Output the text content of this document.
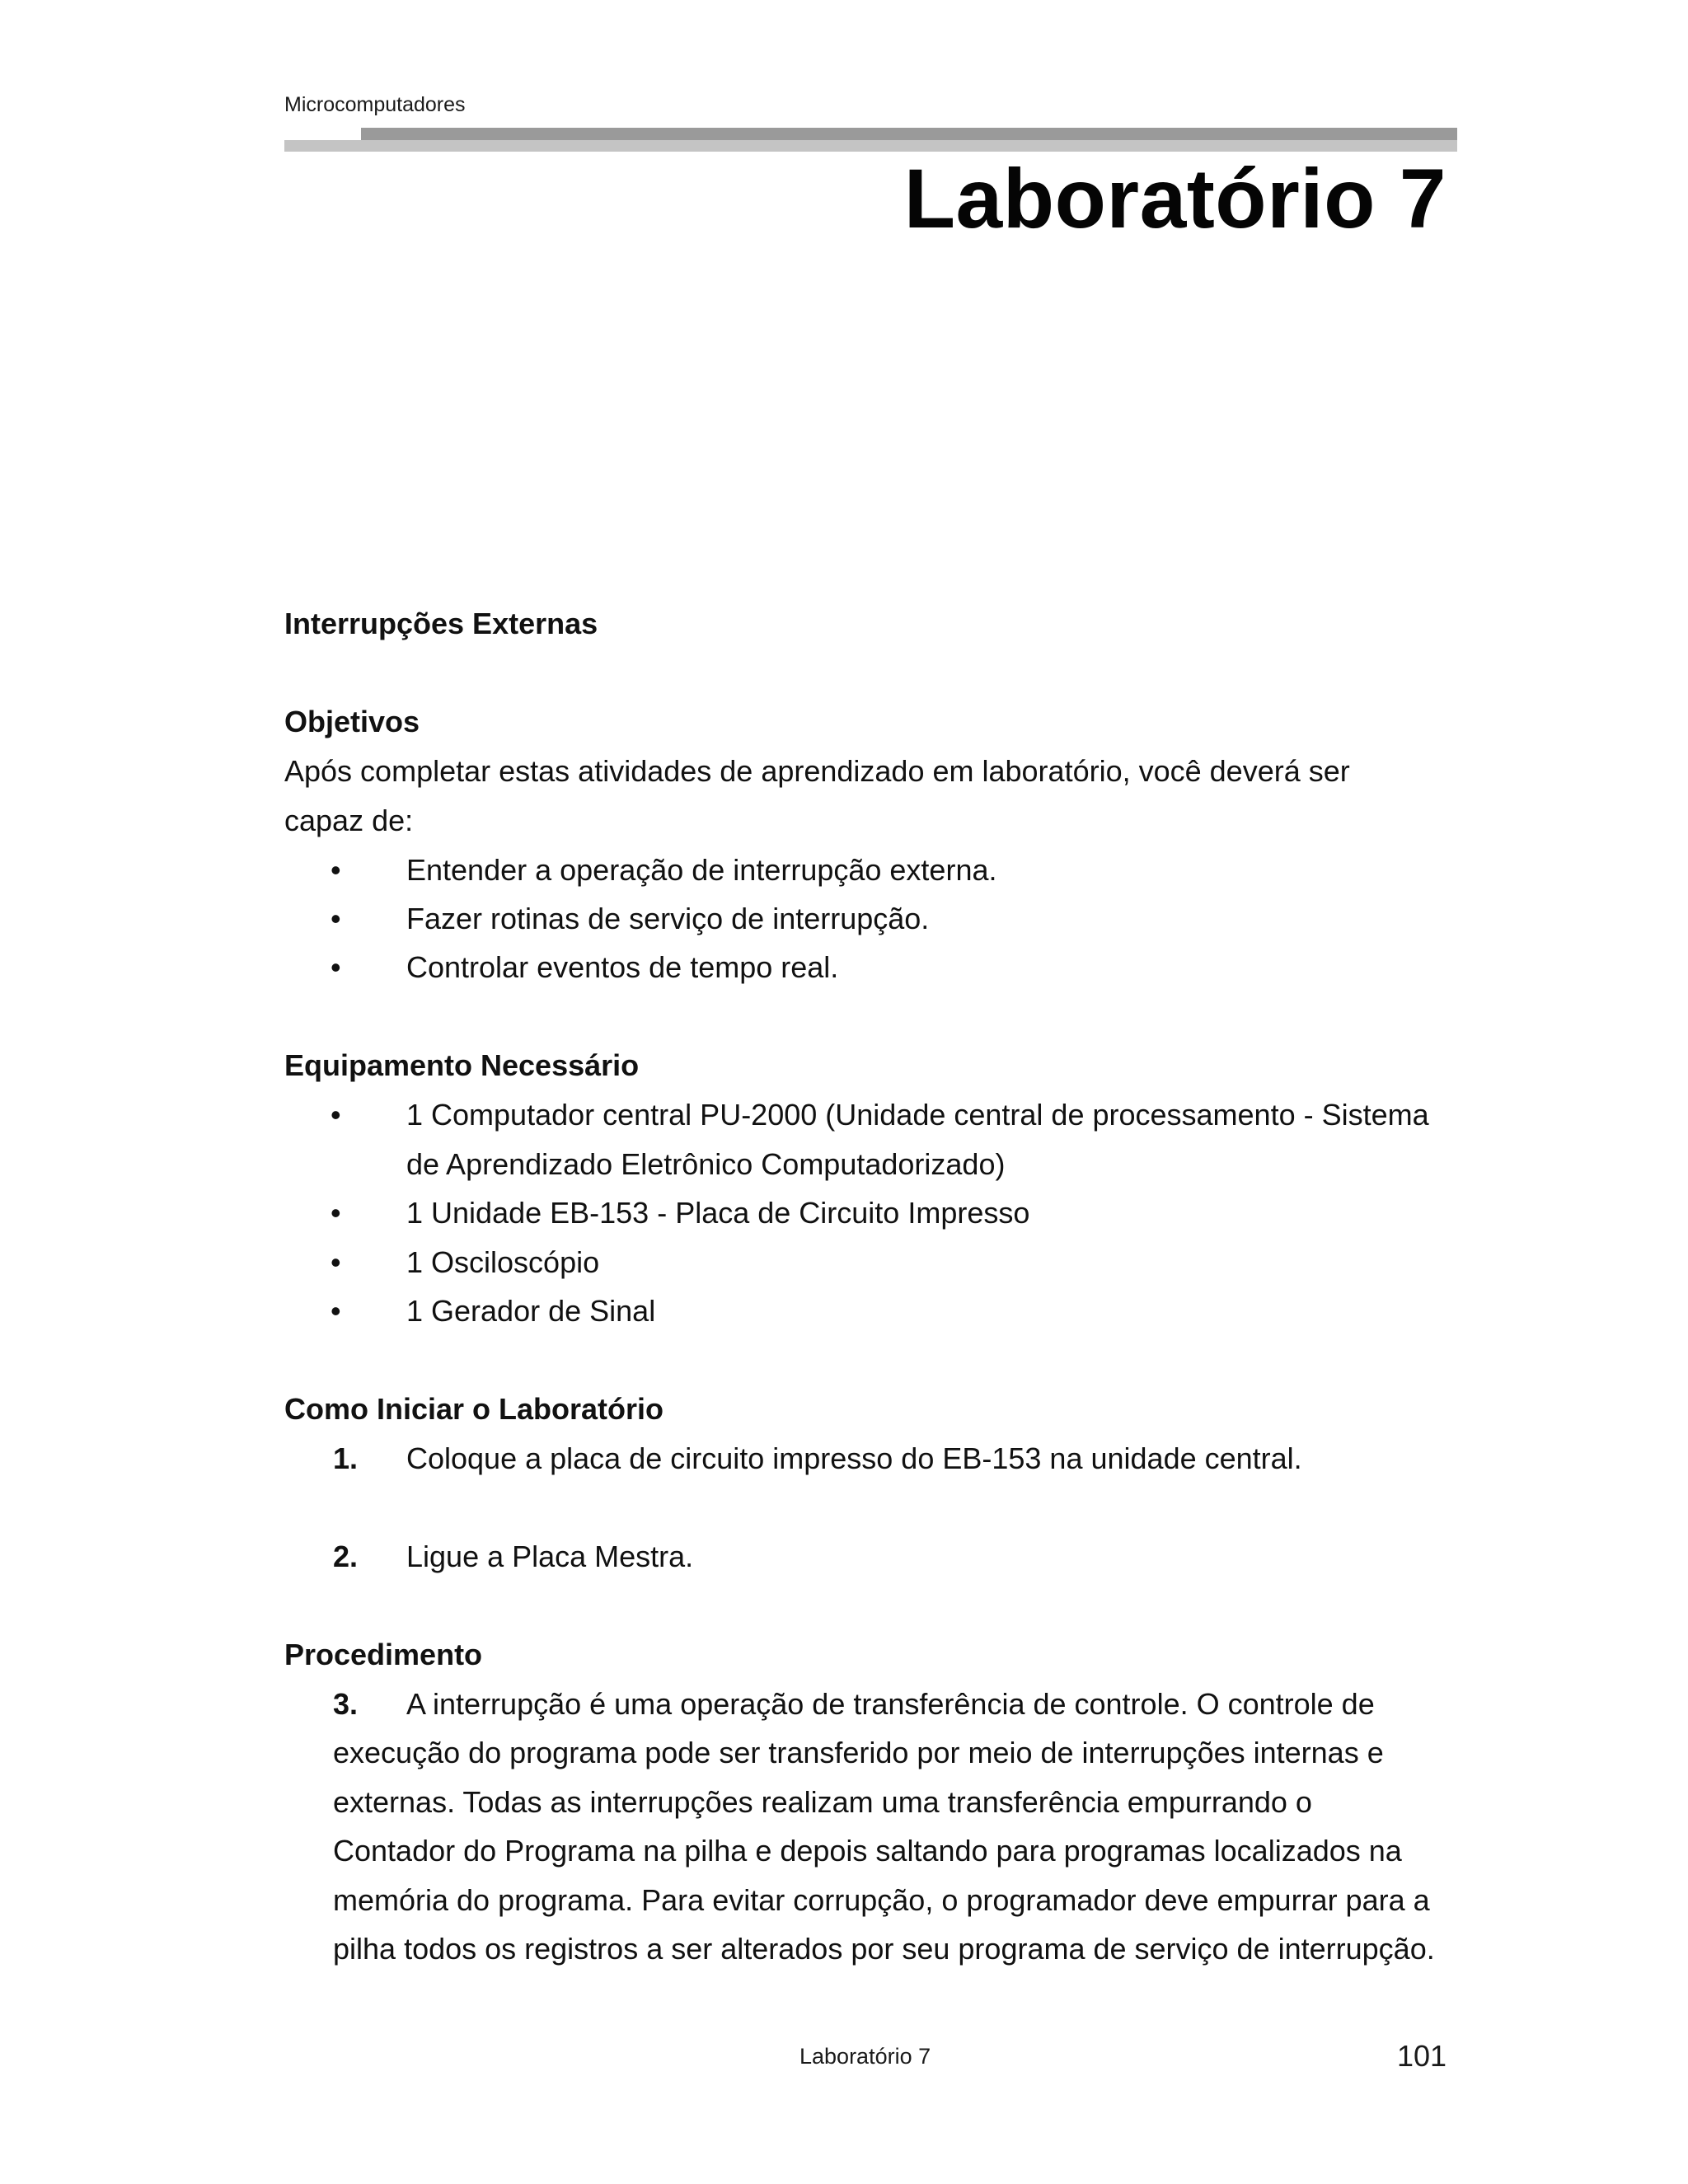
Microcomputadores
Laboratório 7
Interrupções Externas
Objetivos
Após completar estas atividades de aprendizado em laboratório, você deverá ser
capaz de:
• Entender a operação de interrupção externa.
• Fazer rotinas de serviço de interrupção.
• Controlar eventos de tempo real.
Equipamento Necessário
• 1 Computador central PU-2000 (Unidade central de processamento - Sistema
de Aprendizado Eletrônico Computadorizado)
• 1 Unidade EB-153 - Placa de Circuito Impresso
• 1 Osciloscópio
• 1 Gerador de Sinal
Como Iniciar o Laboratório
1. Coloque a placa de circuito impresso do EB-153 na unidade central.
2. Ligue a Placa Mestra.
Procedimento
3. A interrupção é uma operação de transferência de controle. O controle de
execução do programa pode ser transferido por meio de interrupções internas e
externas. Todas as interrupções realizam uma transferência empurrando o
Contador do Programa na pilha e depois saltando para programas localizados na
memória do programa. Para evitar corrupção, o programador deve empurrar para a
pilha todos os registros a ser alterados por seu programa de serviço de interrupção.
Laboratório 7	101
